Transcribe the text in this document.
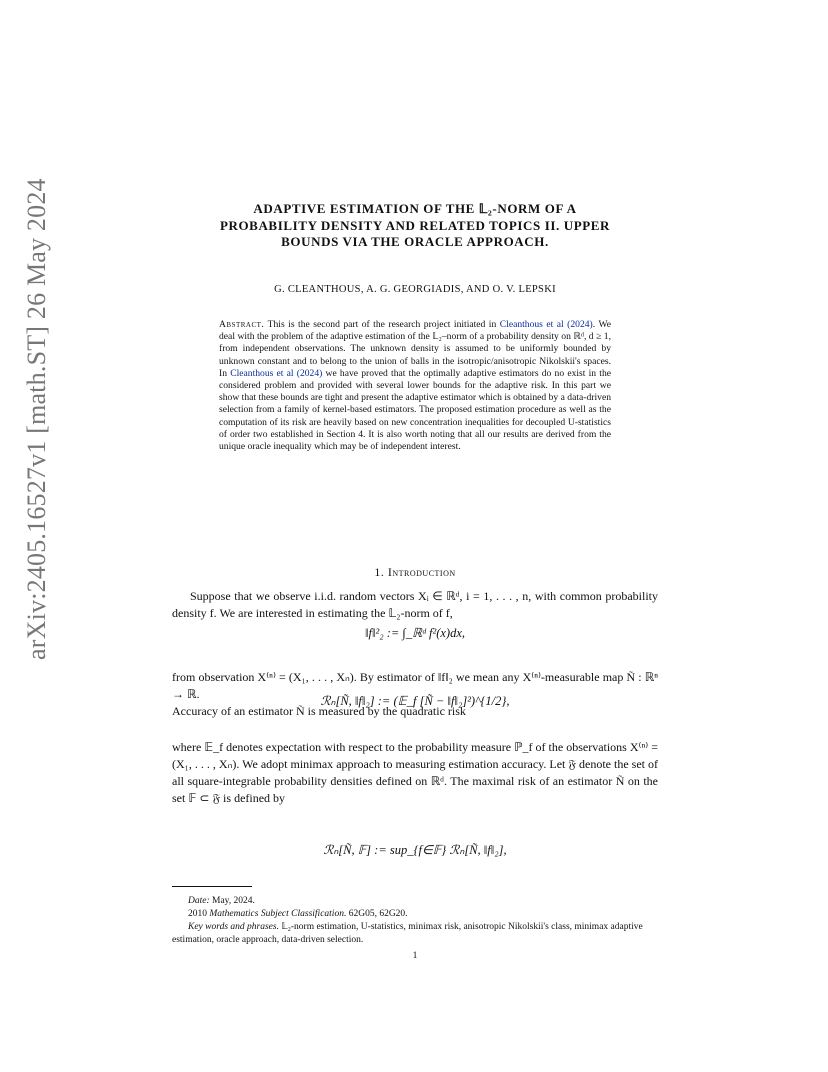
arXiv:2405.16527v1 [math.ST] 26 May 2024	ADAPTIVE ESTIMATION OF THE 𝕃₂-NORM OF A
PROBABILITY DENSITY AND RELATED TOPICS II. UPPER
BOUNDS VIA THE ORACLE APPROACH.
G. CLEANTHOUS, A. G. GEORGIADIS, AND O. V. LEPSKI
Abstract. This is the second part of the research project initiated in Cleanthous et al (2024). We deal with the problem of the adaptive estimation of the 𝕃₂–norm of a probability density on ℝᵈ, d ≥ 1, from independent observations. The unknown density is assumed to be uniformly bounded by unknown constant and to belong to the union of balls in the isotropic/anisotropic Nikolskii's spaces. In Cleanthous et al (2024) we have proved that the optimally adaptive estimators do no exist in the considered problem and provided with several lower bounds for the adaptive risk. In this part we show that these bounds are tight and present the adaptive estimator which is obtained by a data-driven selection from a family of kernel-based estimators. The proposed estimation procedure as well as the computation of its risk are heavily based on new concentration inequalities for decoupled U-statistics of order two established in Section 4. It is also worth noting that all our results are derived from the unique oracle inequality which may be of independent interest.
1. Introduction

Suppose that we observe i.i.d. random vectors Xᵢ ∈ ℝᵈ, i = 1, . . . , n, with common probability density f. We are interested in estimating the 𝕃₂-norm of f,

‖f‖²₂ := ∫_ℝᵈ f²(x)dx,

from observation X⁽ⁿ⁾ = (X₁, . . . , Xₙ). By estimator of ‖f‖₂ we mean any X⁽ⁿ⁾-measurable map Ñ : ℝⁿ → ℝ.

Accuracy of an estimator Ñ is measured by the quadratic risk

ℛₙ[Ñ, ‖f‖₂] := (𝔼_f [Ñ − ‖f‖₂]²)^{1/2},

where 𝔼_f denotes expectation with respect to the probability measure ℙ_f of the observations X⁽ⁿ⁾ = (X₁, . . . , Xₙ). We adopt minimax approach to measuring estimation accuracy. Let 𝔉 denote the set of all square-integrable probability densities defined on ℝᵈ. The maximal risk of an estimator Ñ on the set 𝔽 ⊂ 𝔉 is defined by

ℛₙ[Ñ, 𝔽] := sup_{f∈𝔽} ℛₙ[Ñ, ‖f‖₂],

Date: May, 2024.

2010 Mathematics Subject Classification. 62G05, 62G20.

Key words and phrases. 𝕃₂-norm estimation, U-statistics, minimax risk, anisotropic Nikolskii's class, minimax adaptive estimation, oracle approach, data-driven selection.

1
